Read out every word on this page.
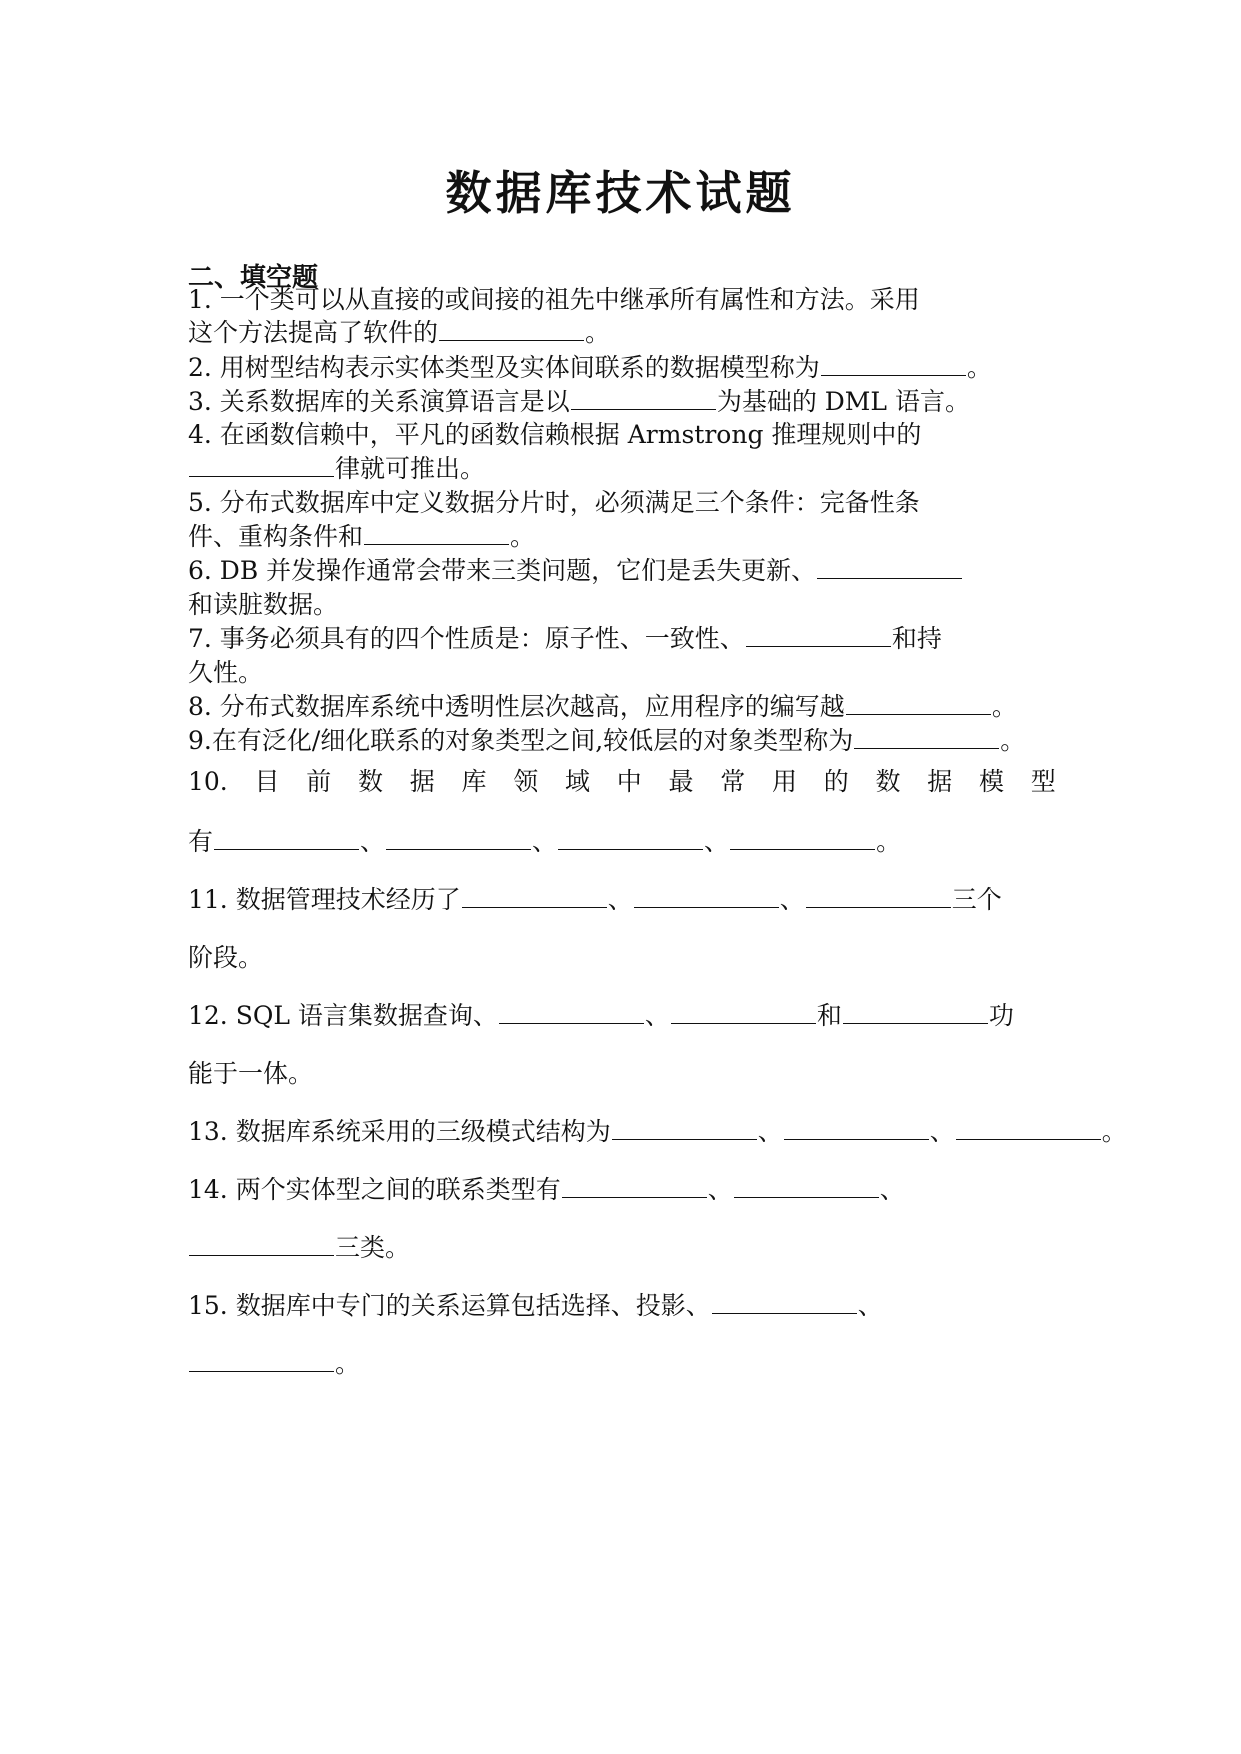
数据库技术试题
二、填空题
1. 一个类可以从直接的或间接的祖先中继承所有属性和方法。采用
这个方法提高了软件的	。
2. 用树型结构表示实体类型及实体间联系的数据模型称为	。
3. 关系数据库的关系演算语言是以	为基础的 DML 语言。
4. 在函数信赖中，平凡的函数信赖根据 Armstrong 推理规则中的
律就可推出。
5. 分布式数据库中定义数据分片时，必须满足三个条件：完备性条
件、重构条件和	。
6. DB 并发操作通常会带来三类问题，它们是丢失更新、
和读脏数据。
7. 事务必须具有的四个性质是：原子性、一致性、	和持
久性。
8. 分布式数据库系统中透明性层次越高，应用程序的编写越	。
9.在有泛化/细化联系的对象类型之间,较低层的对象类型称为	。
10. 目 前 数 据 库 领 域 中 最 常 用 的 数 据 模 型
有	、	、	、	。
11. 数据管理技术经历了	、	、	三个
阶段。
12. SQL 语言集数据查询、	、	和	功
能于一体。
13. 数据库系统采用的三级模式结构为	、	、	。
14. 两个实体型之间的联系类型有	、	、
三类。
15. 数据库中专门的关系运算包括选择、投影、	、
。
